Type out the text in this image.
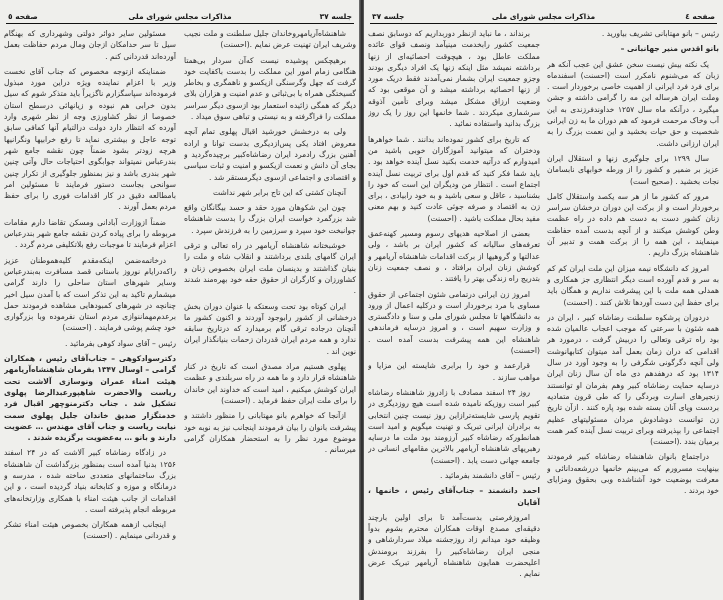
جلسه ۳۷
مذاکرات مجلس شورای ملی
صفحه ٥

شاهنشاه‌آریامهروخاندان جلیل سلطنت و ملت نجیب وشریف ایران تهنیت عرض نمایم .(احسنت)

برهیچکس پوشیده نیست که‌آن سردار بی‌همتا هنگامی زمام امور این مملکت را بدست باکفایت خود گرفت که جهل وگرسنگی ازیکسو و ناهمگری و بخاطر گسیختگی همراه با بی‌ثباتی و عدم امنیت و هزاران بلای دیگر که همگی زائیده استعمار بود ازسوی دیگر سراسر مملکت را فراگرفته و به نیستی و تباهی سوق میداد .

ولی به درخشش خورشید اقبال پهلوی تمام آنچه معروض افتاد یکی پس‌ازدیگری بدست توانا و اراده آهنین بزرگ رادمرد ایران رضاشاه‌کبیر برچیده‌گردید و بجای آن دانش و نعمت ازیکسو و امنیت و ثبات سیاسی و اقتصادی و اجتماعی ازسوی دیگرمستقر شد .

آنچنان کشتی که این تاج برابر شهر نداشت

چون این شکوهان مورد حقد و حسد بیگانگان واقع شد بزرگمرد خواست ایران بزرگ را بدست شاهنشاه جوانبخت خود سپرد و سرزمین را به فرزندش سپرد .

خوشبختانه شاهنشاه آریامهر در راه تعالی و ترقی ایران گامهای بلندی برداشتند و انقلاب شاه و ملت را بنیان گذاشتند و بدینسان ملت ایران بخصوص زنان و کشاورزان و کارگران از حقوق حقه خود بهره‌مند شدند .

ایران کوتاه بود تحت وسعتکه با عنوان دوران بخش درخشانی از کشور رابوجود آوردند و اکنون کشور ما آنچنان درجاده ترقی گام برمیدارد که درتاریخ سابقه ندارد و همه مردم ایران قدردان زحمات بنیانگذار ایران نوین اند .

پهلوی هستیم مراد مصدق است که تاریخ در کنار شاهنشاه قرار دارد و ما همه در راه سربلندی و عظمت ایران کوشش میکنیم ، امید است که خداوند این خاندان را برای ملت ایران حفظ فرماید . (احسنت)

ازآنجا که خواهرم بانو مهتابانی را منظور داشتند و پیشرفت بانوان را بیان فرمودند اینجانب نیز به نوبه خود موضوع مورد نظر را به استحضار همکاران گرامی میرسانم .

مسئولین سایر دوائر دولتی وشهرداری که بهنگام سیل تا سر حدامکان ازجان ومال مردم حفاظت بعمل آورده‌اند قدردانی کنم .

ضمناینکه ازتوجه مخصوص که جناب آقای نخست وزیر با اعزام نماینده ویژه دراین مورد مبذول فرموده‌اند سپاسگزارم ناگزیراً باید متذکر شوم که سیل بدون خرابی هم نبوده و زیانهائی درسطح استان خصوصا از نظر کشاورزی وجه از نظر شهری وارد آورده که انتظار دارد دولت درالتیام آنها کمافی سابق توجه عاجل و بیشتری نماید تا رفع خرابیها ونگرانیها هرچه زودتر بشود ضمناً چون نقشه جامع شهر بندرعباس نمیتواند جوابگوی احتیاجات حال وآتی چنین شهر بندری باشد و نیز بمنظور جلوگیری از تکرار چنین سوانحی بجاست دستور فرمایند تا مسئولین امر بامطالعه دقیق در کار اقدامات فوری را برای حفظ مردم بعمل آورند .

ضمناً ازوزارت آبادانی ومسکن تقاضا دارم مقامات مربوطه را برای پیاده کردن نقشه جامع شهر بندرعباس اعزام فرمایند تا موجبات رفع بلاتکلیفی مردم گردد .

درخاتمه‌ضمن اینکه‌مقدم کلیه‌هموطنان عزیز راکه‌درایام نوروز باستانی قصد مسافرت به‌بندرعباس وسایر شهرهای استان ساحلی را دارند گرامی میشمارم تاکید به این تذکر است که با آمدن سیل اخیر چنانچه در شهرهای کمبودهایی مشاهده فرمودند حمل برعدم‌مهماننوازی مردم استان نفرموده وبا بزرگواری خود چشم پوشی فرمایند . (احسنت)

رئیس – آقای سواد کوهی بفرمائید .

دکترسوادکوهی – جناب‌آقای رئیس ، همکاران گرامی – اوسال ۱۳۴۷ بفرمان شاهنشاه‌آریامهر هیئت امناء عمران ونوسازی آلاشت تحت ریاست والاحضرت شاهپورعبدالرضا پهلوی تشکیل شد . جناب دکترمنوچهر اقبال فرد خدمتگزار صدیق خاندان جلیل پهلوی سمت نیابت ریاست و جناب آقای مهندس … عضویت دارند و بانو … به‌عضویت برگزیده شدند .

در زادگاه رضاشاه کبیر آلاشت که در ۲۴ اسفند ۱۲۵۶ بدنیا آمده است بمنظور بزرگداشت آن شاهنشاه بزرگ ساختمانهای متعددی ساخته شده ، مدرسه و درمانگاه و موزه و کتابخانه بنیاد گردیده است ، و این اقدامات از جانب هیئت امناء با همکاری وزارتخانه‌های مربوطه انجام پذیرفته است .

اینجانب ازهمه همکاران بخصوص هیئت امناء تشکر و قدردانی مینمایم . (احسنت)

صفحه ٤
مذاکرات مجلس شورای ملی
جلسه ۳۷

رئیس – بانو مهتابانی تشریف بیاورید .

بانو اقدس منیر جهانبانی –

یک نکته بیش نیست سخن عشق این عجب آنکه هر زبان که می‌شنوم نامکرر است (احسنت) اسفندماه برای فرد فرد ایرانی از اهمیت خاصی برخوردار است . وملت ایران هرساله این مه را گرامی داشته و جشن میگیرد ، درآنکه ماه سال ۱۲۵۷ خداوندفرزندی به این آب وخاک مرحمت فرمود که هم دوران ما به زن ایرانی شخصیت و حق حیات بخشید و این نعمت بزرگ را به ایران ارزانی داشت.

سال ۱۲۹۹ برای جلوگیری زنها و استقلال ایران عزیز بر ضمیر و کشور را از ورطه خوابهای نابسامان نجات بخشید . (صحیح است)

مرور که کشور ما از هر سه یکصد واستقلال کامل برخوردار است و از برکت این دوران درخشان سراسر زنان کشور دست به دست هم داده در راه عظمت وطن کوشش میکنند و از آنچه بدست آمده حفاظت مینمایند ، این همه را از برکت همت و تدبیر آن شاهنشاه بزرگ داریم .

امروز که دانشگاه نیمه میزان این ملت ایران کم کم به سر و قدم آورده است دیگر انتظاری جز همکاری و همدلی همه ملت با این پیشرفت نداریم و همگان باید برای حفظ این دست آوردها تلاش کنند . (احسنت)

دردوران پرشکوه سلطنت رضاشاه کبیر ، ایران در همه شئون با سرعتی که موجب اعجاب عالمیان شده بود راه ترقی وتعالی را دربیش گرفت ، درمورد هر اقدامی که دران زمان بعمل آمد میتوان کتابهانوشت ولی آنچه دگرگونی شگرفی را به وجود آورد در سال ۱۳۱۴ بود که درهفدهم دی ماه آن سال زنان ایران درسایه حمایت رضاشاه کبیر وهم بفرمان او توانستند زنجیرهای اسارت وبردگی را که طی قرون متمادیه بردست وپای آنان بسته شده بود پاره کنند . ازآن تاریخ زن توانست دوشادوش مردان مسئولیتهای عظیم اجتماعی را بپذیرفته وبرای تربیت نسل آینده کمر همت برمیان بندد .(احسنت)

دراجتماع بانوان شاهنشاه رضاشاه کبیر فرمودند بینهایت مسرورم که می‌بینم خانمها دررشعه‌دانائی و معرفت بوضعیت خود آشناشده وبی بحقوق ومزایای خود بردند .

برنداند ، ما نباید ازنظر دوربداریم که دوسابق نصف جمعیت کشور رابخدمت مینیآمد ونصف قوای عائده مملکت عاطل بود ، هیچوقت احصائیه‌ای از زنها برداشته نمیشد مثل اینکه زنها یک افراد دیگری بودند وجزو جمعیت ایران بشمار نمی‌آمدند فقط دریک مورد از زنها احصائیه برداشته میشد و آن موقعی بود که وضعیت ارزاق مشکل میشد وبرای تأمین آذوقه سرشماری میکردند . شما خانمها این روز را یک روز بزرگ بدانید واستفاده نمائید .

که تاریخ برای کشور نموده‌اند بدانند . شما خواهرها ودختران که میتوانید آموزگاران خوبی باشید من امیدوارم که درآتیه خدمت بکنید نسل آینده خواهد بود . باید شما فکر کنید که قدم اول برای تربیت نسل آینده اجتماع است . انتظار من ودیگران این است که خود را بشناسید ، عاقل و سعی باشید و به خود رابیادی ، برای زن به اقتصاد و صرفه جوئی عادت کنید و بهم معنی مفید بحال مملکت باشید . (احسنت)

بعضی از اصلاحیه هدیهای رسوم ومسیر کهنه‌عمق تعرفه‌های سالیانه که کشور ایران بر باشد ، ولی عدالتها و گروهیها از برکت اقدامات شاهنشاه آریامهر و کوشش زنان ایران برافتاد ، و نصف جمعیت زنان بتدریج راه زندگی بهتر را یافتند .

امروز زن ایرانی درتمامی شئون اجتماعی از حقوق مساوی با مرد برخوردار است و درکلیه اعمال از ورود به دانشگاهها تا مجلس شورای ملی و سنا و دادگستری و وزارت سهیم است ، و امروز درسایه فرماندهی شاهنشاه این همه پیشرفت بدست آمده است . (احسنت)

قرارعمد و خود را برابری شایسته این مزایا و مواهب سازند .

روز ۲۴ اسفند مصادف با زادروز شاهنشاه رضاشاه کبیر است روزیکه نامیده شده است هیچ روزدیگری در تقویم پارسی شایسته‌ترازاین روز نیست چنین انتخابی به برادران ایرانی تبریک و تهنیت میگویم و امید است همانطورکه رضاشاه کبیر آرزومند بود ملت ما درسایه رهبریهای شاهنشاه آریامهر بالاترین مقامهای انسانی در جامعه جهانی دست یابد . (احسنت)

رئیس – آقای دانشمند بفرمائید .

احمد دانشمند – جناب‌آقای رئیس ، خانمها ، آقایان

امروزفرصتی بدست‌آمد تا برای اولین بارچند دقیقه‌ای مصدع اوقات همکاران محترم بشوم بدواً وظیفه خود میدانم زاد روزجشنه میلاد سردارشاهی و منجی ایران رضاشاه‌کبیر را بفرزند برومندش اعلیحضرت همایون شاهنشاه آریامهر تبریک عرض نمایم .
